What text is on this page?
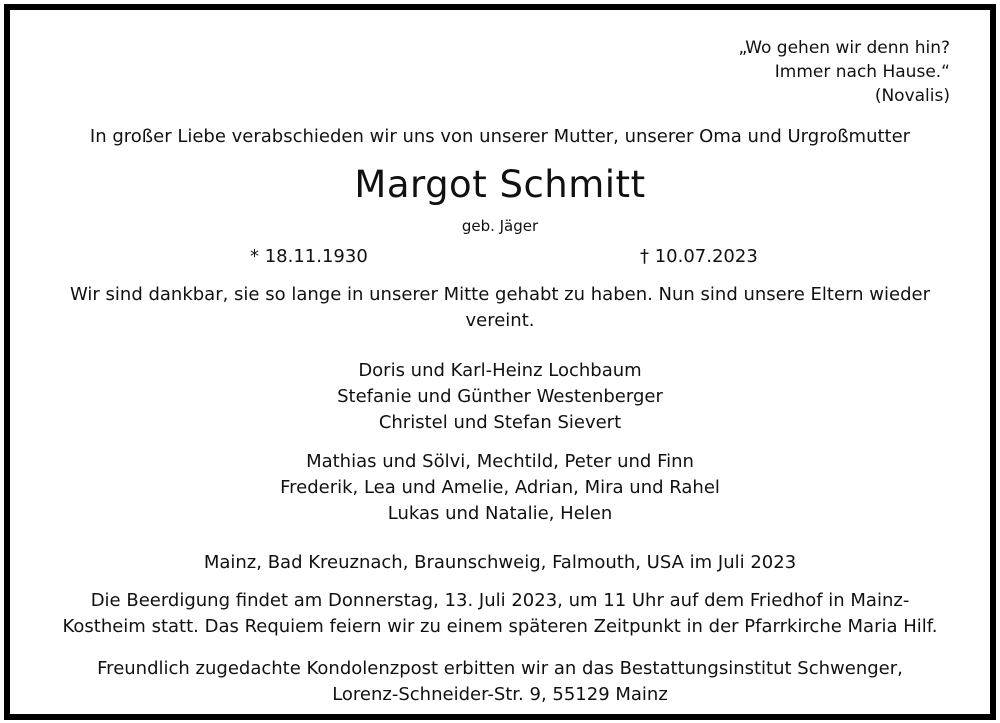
„Wo gehen wir denn hin?
Immer nach Hause.“
(Novalis)
In großer Liebe verabschieden wir uns von unserer Mutter, unserer Oma und Urgroßmutter
Margot Schmitt
geb. Jäger
* 18.11.1930	† 10.07.2023
Wir sind dankbar, sie so lange in unserer Mitte gehabt zu haben. Nun sind unsere Eltern wieder
vereint.
Doris und Karl-Heinz Lochbaum
Stefanie und Günther Westenberger
Christel und Stefan Sievert
Mathias und Sölvi, Mechtild, Peter und Finn
Frederik, Lea und Amelie, Adrian, Mira und Rahel
Lukas und Natalie, Helen
Mainz, Bad Kreuznach, Braunschweig, Falmouth, USA im Juli 2023
Die Beerdigung findet am Donnerstag, 13. Juli 2023, um 11 Uhr auf dem Friedhof in Mainz-
Kostheim statt. Das Requiem feiern wir zu einem späteren Zeitpunkt in der Pfarrkirche Maria Hilf.
Freundlich zugedachte Kondolenzpost erbitten wir an das Bestattungsinstitut Schwenger,
Lorenz-Schneider-Str. 9, 55129 Mainz
